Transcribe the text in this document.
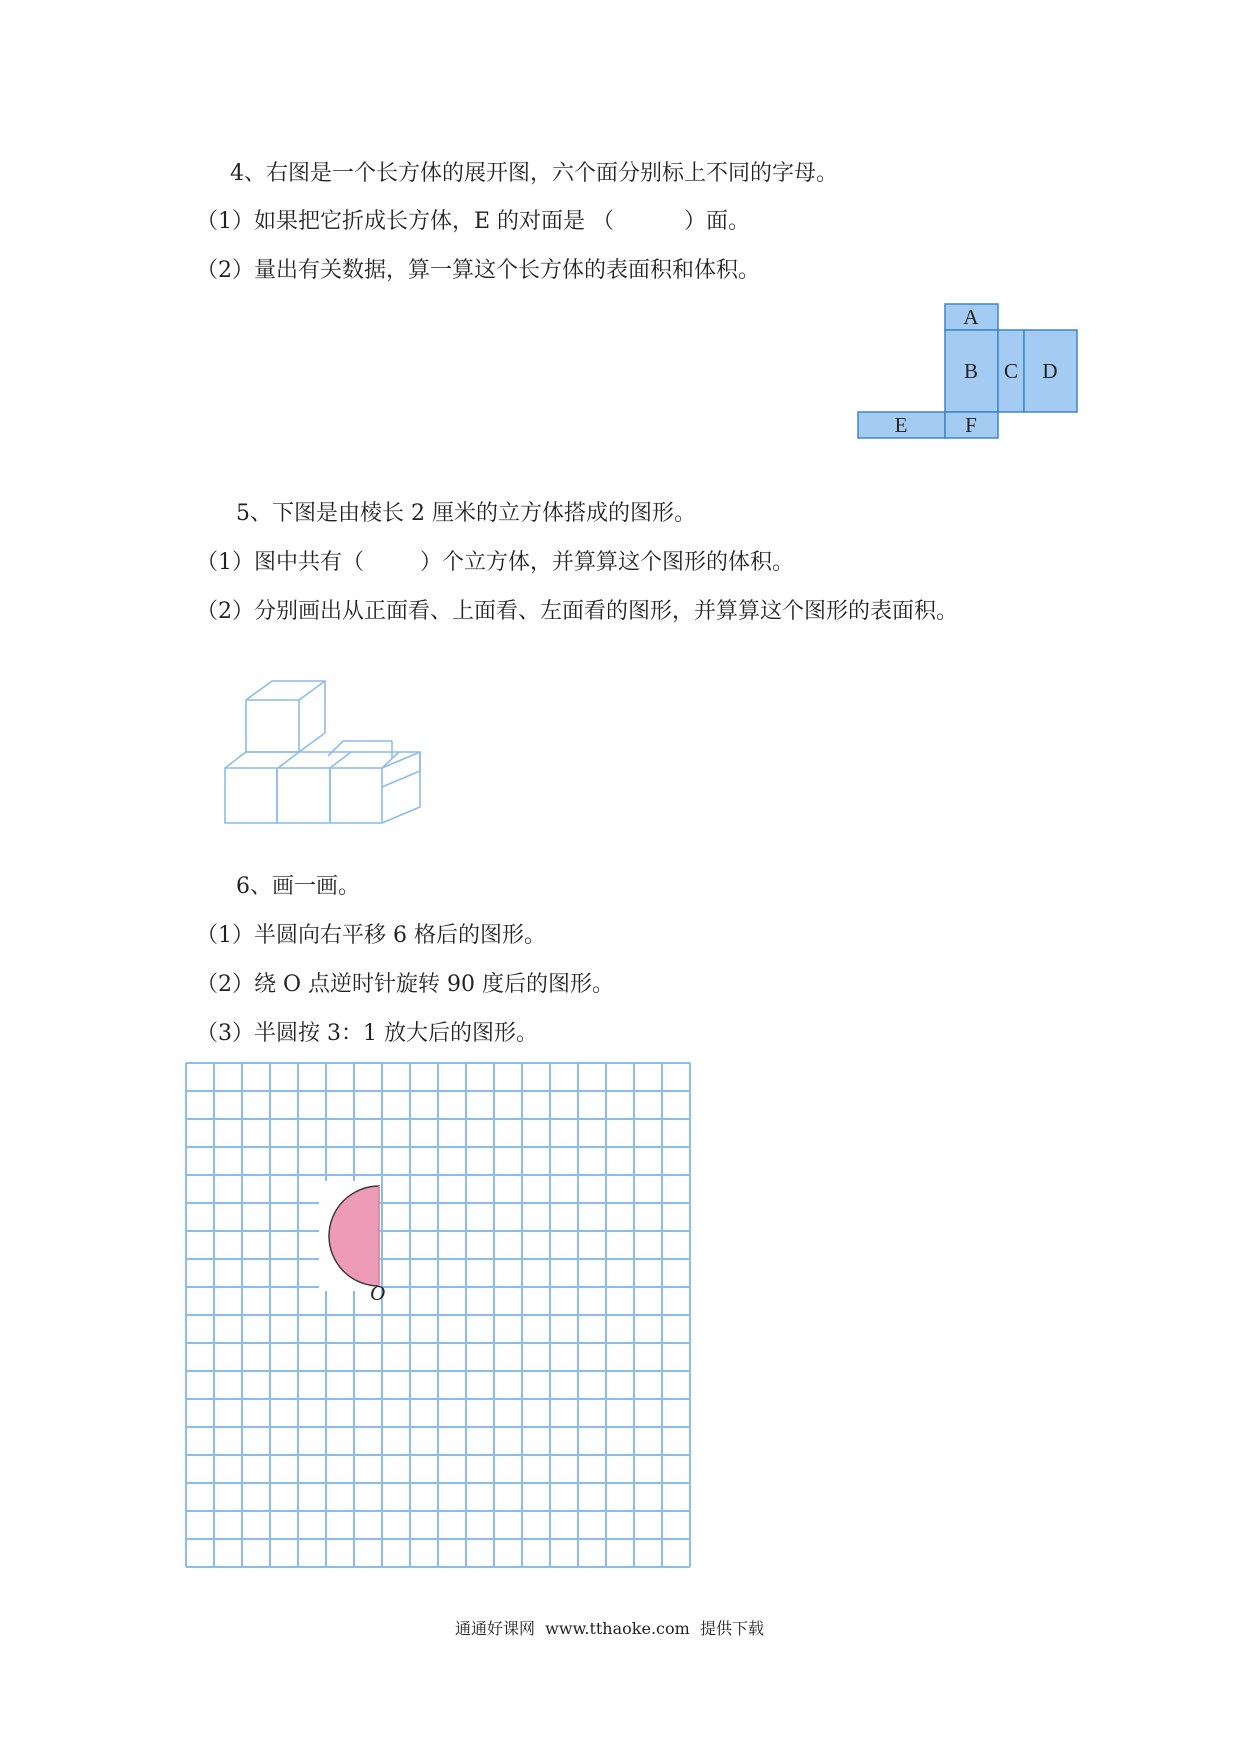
4、右图是一个长方体的展开图，六个面分别标上不同的字母。
（1）如果把它折成长方体，E 的对面是 （          ）面。
（2）量出有关数据，算一算这个长方体的表面积和体积。
A
B C D
E	F
5、下图是由棱长 2 厘米的立方体搭成的图形。
（1）图中共有（        ）个立方体，并算算这个图形的体积。
（2）分别画出从正面看、上面看、左面看的图形，并算算这个图形的表面积。
6、画一画。
（1）半圆向右平移 6 格后的图形。
（2）绕 O 点逆时针旋转 90 度后的图形。
（3）半圆按 3：1 放大后的图形。
O
通通好课网  www.tthaoke.com  提供下载
